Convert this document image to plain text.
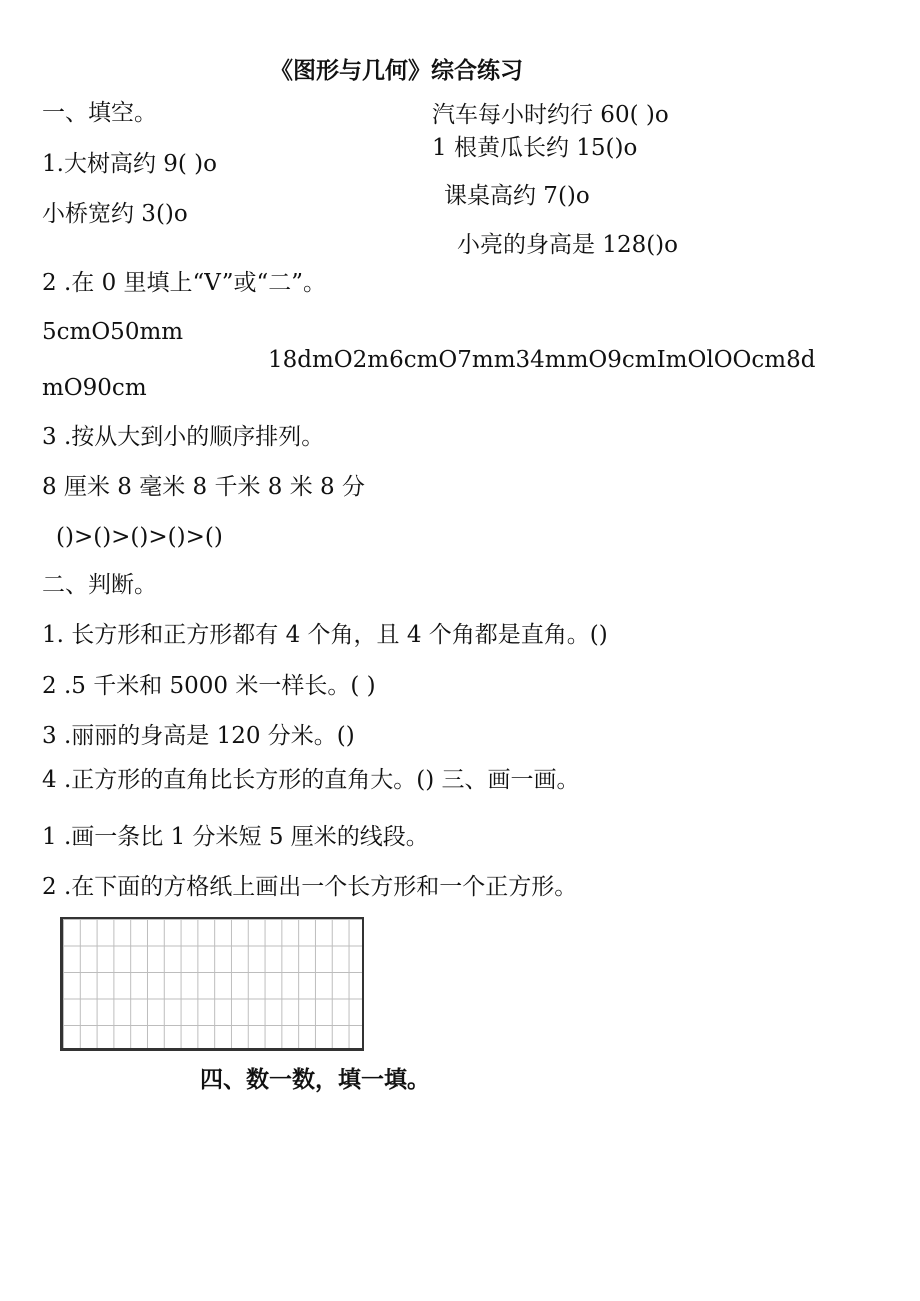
《图形与几何》综合练习
一、填空。	汽车每小时约行 60( )o
1 根黄瓜长约 15()o
1.大树高约 9( )o
课桌高约 7()o
小桥宽约 3()o
小亮的身高是 128()o
2 .在 0 里填上“V”或“二”。
5cmO50mm
18dmO2m6cmO7mm34mmO9cmImOlOOcm8d
mO90cm
3 .按从大到小的顺序排列。
8 厘米 8 毫米 8 千米 8 米 8 分
()>()>()>()>()
二、判断。
1. 长方形和正方形都有 4 个角，且 4 个角都是直角。()
2 .5 千米和 5000 米一样长。( )
3 .丽丽的身高是 120 分米。()
4 .正方形的直角比长方形的直角大。() 三、画一画。
1 .画一条比 1 分米短 5 厘米的线段。
2 .在下面的方格纸上画出一个长方形和一个正方形。
四、数一数，填一填。
